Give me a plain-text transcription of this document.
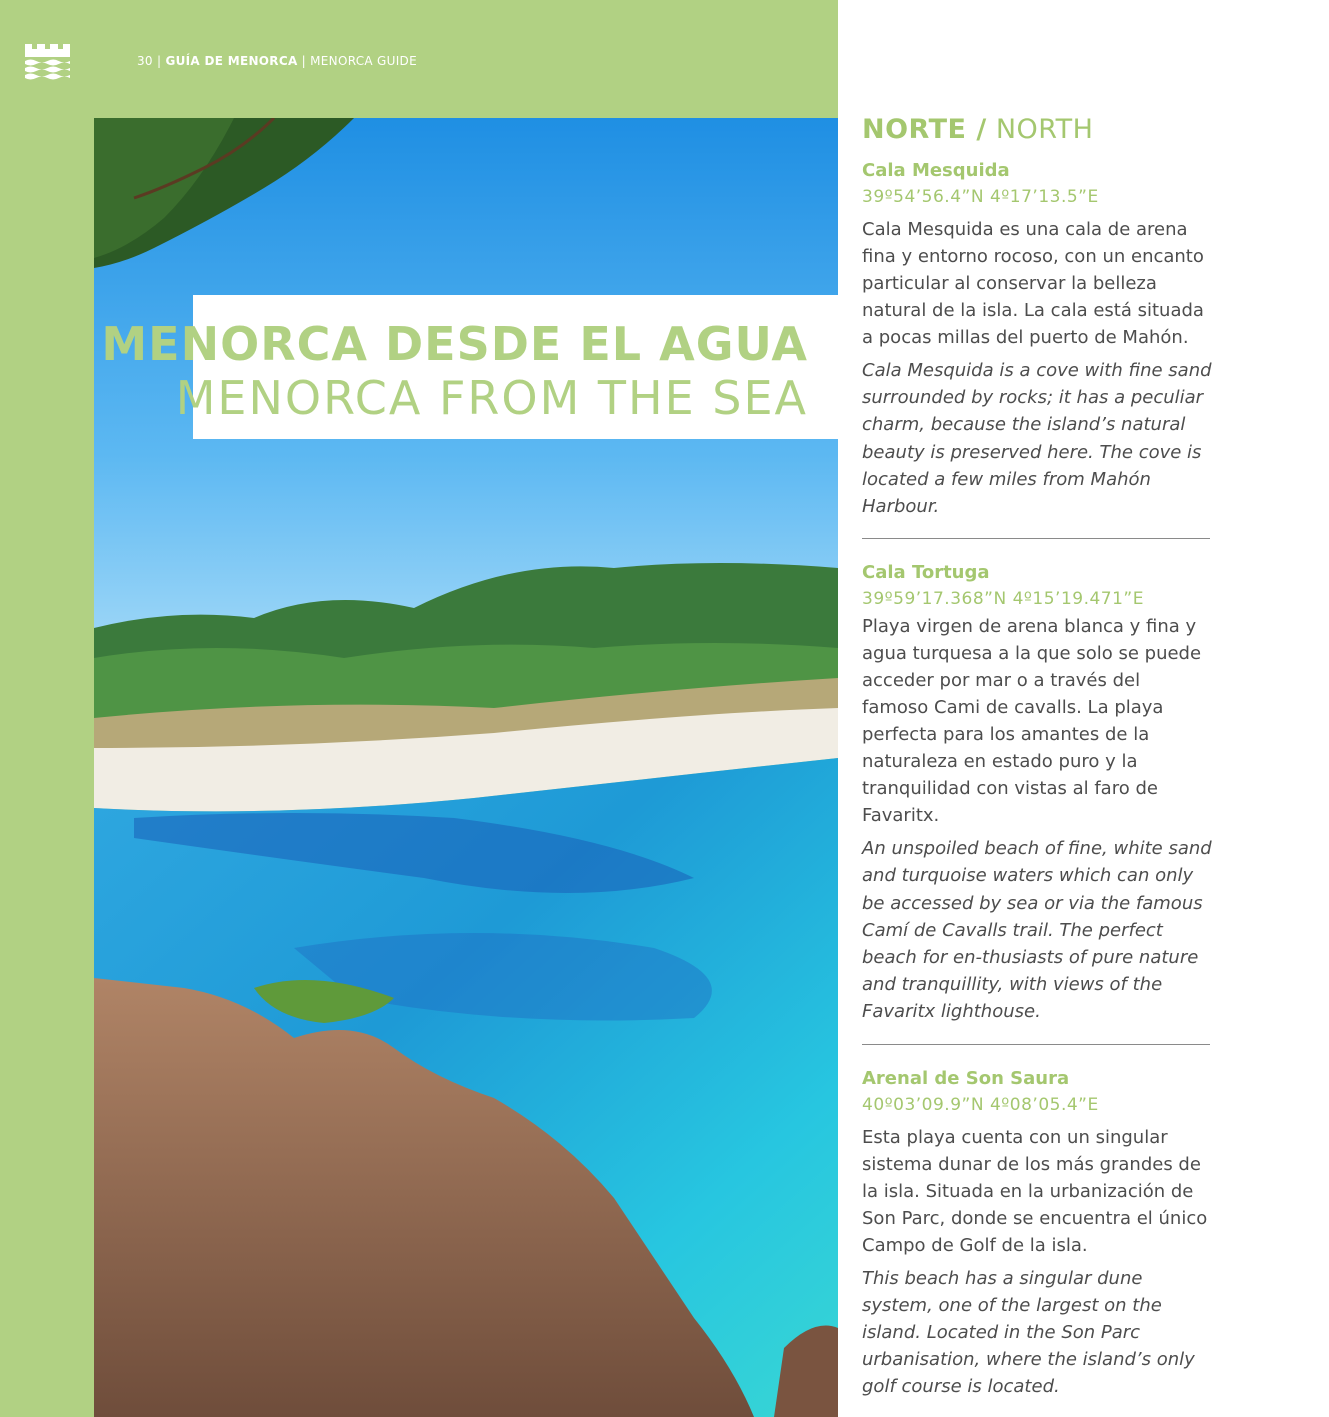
30 | GUÍA DE MENORCA | MENORCA GUIDE
MENORCA DESDE EL AGUA
MENORCA FROM THE SEA
NORTE / NORTH
Cala Mesquida
39º54’56.4”N 4º17’13.5”E
Cala Mesquida es una cala de arena fina y entorno rocoso, con un encanto particular al conservar la belleza natural de la isla. La cala está situada a pocas millas del puerto de Mahón.
Cala Mesquida is a cove with fine sand surrounded by rocks; it has a peculiar charm, because the island’s natural beauty is preserved here. The cove is located a few miles from Mahón Harbour.
Cala Tortuga
39º59’17.368”N 4º15’19.471”E
Playa virgen de arena blanca y fina y agua turquesa a la que solo se puede acceder por mar o a través del famoso Cami de cavalls. La playa perfecta para los amantes de la naturaleza en estado puro y la tranquilidad con vistas al faro de Favaritx.
An unspoiled beach of fine, white sand and turquoise waters which can only be accessed by sea or via the famous Camí de Cavalls trail. The perfect beach for en-thusiasts of pure nature and tranquillity, with views of the Favaritx lighthouse.
Arenal de Son Saura
40º03’09.9”N 4º08’05.4”E
Esta playa cuenta con un singular sistema dunar de los más grandes de la isla. Situada en la urbanización de Son Parc, donde se encuentra el único Campo de Golf de la isla.
This beach has a singular dune system, one of the largest on the island. Located in the Son Parc urbanisation, where the island’s only golf course is located.
